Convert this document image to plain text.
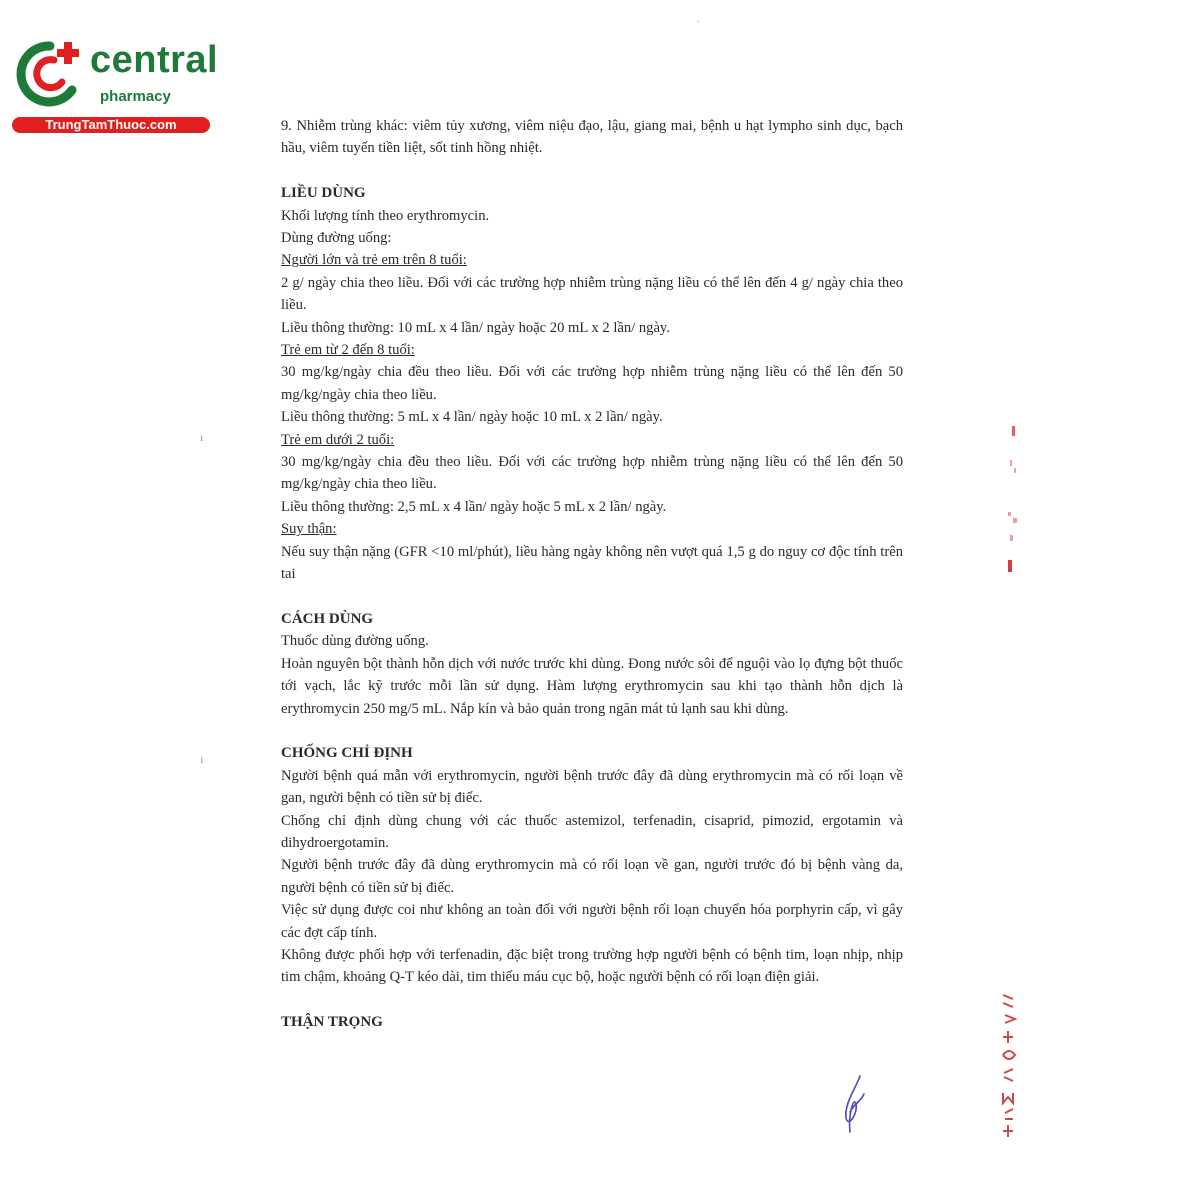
central
pharmacy
TrungTamThuoc.com	9. Nhiễm trùng khác: viêm tủy xương, viêm niệu đạo, lậu, giang mai, bệnh u hạt lympho sinh dục, bạch hầu, viêm tuyến tiền liệt, sốt tinh hồng nhiệt.

LIỀU DÙNG

Khối lượng tính theo erythromycin.

Dùng đường uống:

Người lớn và trẻ em trên 8 tuổi:

2 g/ ngày chia theo liều. Đối với các trường hợp nhiễm trùng nặng liều có thể lên đến 4 g/ ngày chia theo liều.

Liều thông thường: 10 mL x 4 lần/ ngày hoặc 20 mL x 2 lần/ ngày.

Trẻ em từ 2 đến 8 tuổi:

30 mg/kg/ngày chia đều theo liều. Đối với các trường hợp nhiễm trùng nặng liều có thể lên đến 50 mg/kg/ngày chia theo liều.

Liều thông thường: 5 mL x 4 lần/ ngày hoặc 10 mL x 2 lần/ ngày.

Trẻ em dưới 2 tuổi:

30 mg/kg/ngày chia đều theo liều. Đối với các trường hợp nhiễm trùng nặng liều có thể lên đến 50 mg/kg/ngày chia theo liều.

Liều thông thường: 2,5 mL x 4 lần/ ngày hoặc 5 mL x 2 lần/ ngày.

Suy thận:

Nếu suy thận nặng (GFR <10 ml/phút), liều hàng ngày không nên vượt quá 1,5 g do nguy cơ độc tính trên tai

CÁCH DÙNG

Thuốc dùng đường uống.

Hoàn nguyên bột thành hỗn dịch với nước trước khi dùng. Đong nước sôi để nguội vào lọ đựng bột thuốc tới vạch, lắc kỹ trước mỗi lần sử dụng. Hàm lượng erythromycin sau khi tạo thành hỗn dịch là erythromycin 250 mg/5 mL. Nắp kín và bảo quản trong ngăn mát tủ lạnh sau khi dùng.

CHỐNG CHỈ ĐỊNH

Người bệnh quá mẫn với erythromycin, người bệnh trước đây đã dùng erythromycin mà có rối loạn về gan, người bệnh có tiền sử bị điếc.

Chống chỉ định dùng chung với các thuốc astemizol, terfenadin, cisaprid, pimozid, ergotamin và dihydroergotamin.

Người bệnh trước đây đã dùng erythromycin mà có rối loạn về gan, người trước đó bị bệnh vàng da, người bệnh có tiền sử bị điếc.

Việc sử dụng được coi như không an toàn đối với người bệnh rối loạn chuyển hóa porphyrin cấp, vì gây các đợt cấp tính.

Không được phối hợp với terfenadin, đặc biệt trong trường hợp người bệnh có bệnh tim, loạn nhịp, nhịp tim chậm, khoảng Q-T kéo dài, tim thiếu máu cục bộ, hoặc người bệnh có rối loạn điện giải.

THẬN TRỌNG
ı
ı
·
